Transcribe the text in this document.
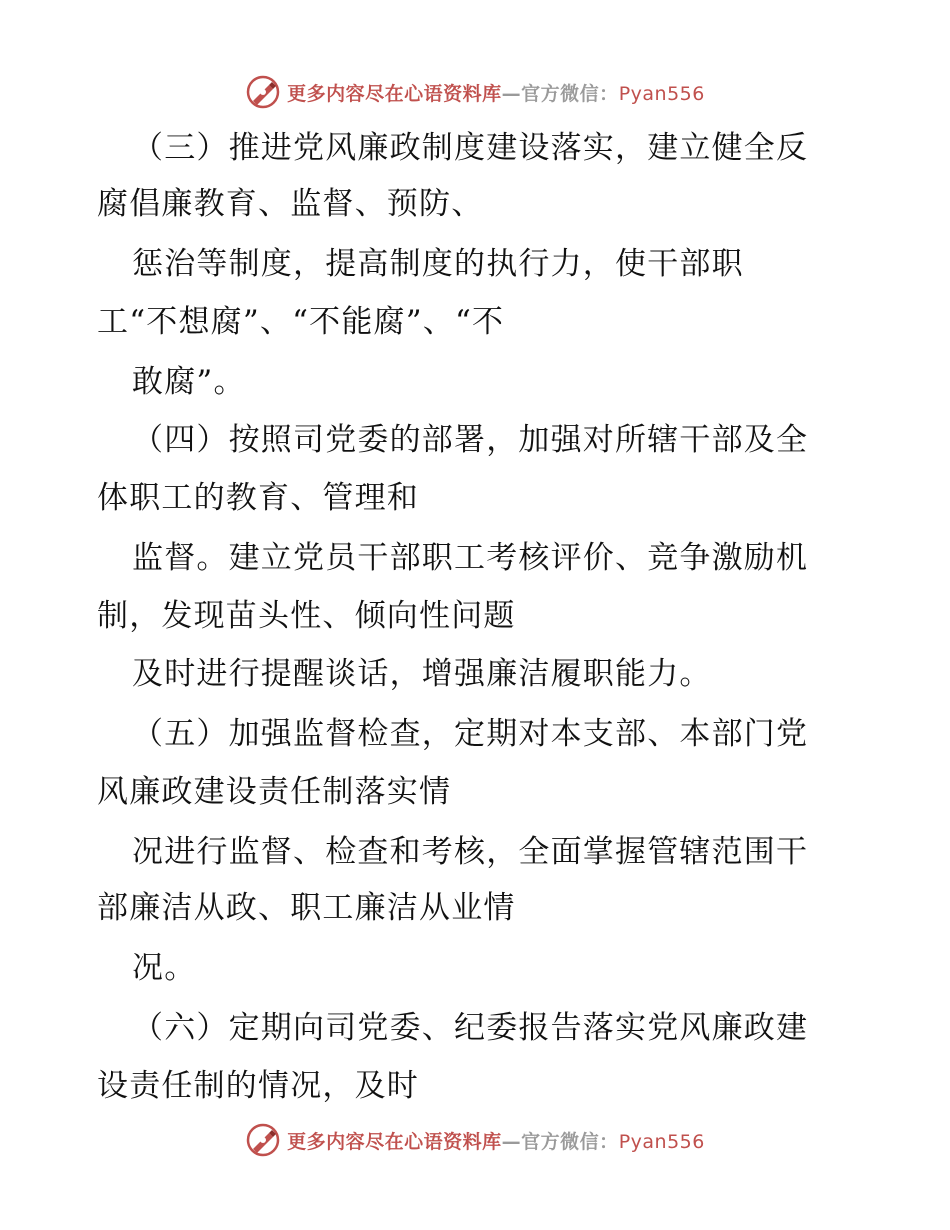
更多内容尽在心语资料库—官方微信：Pyan556
（三）推进党风廉政制度建设落实，建立健全反
腐倡廉教育、监督、预防、
惩治等制度，提高制度的执行力，使干部职
工“不想腐”、“不能腐”、“不
敢腐”。
（四）按照司党委的部署，加强对所辖干部及全
体职工的教育、管理和
监督。建立党员干部职工考核评价、竞争激励机
制，发现苗头性、倾向性问题
及时进行提醒谈话，增强廉洁履职能力。
（五）加强监督检查，定期对本支部、本部门党
风廉政建设责任制落实情
况进行监督、检查和考核，全面掌握管辖范围干
部廉洁从政、职工廉洁从业情
况。
（六）定期向司党委、纪委报告落实党风廉政建
设责任制的情况，及时
更多内容尽在心语资料库—官方微信：Pyan556
